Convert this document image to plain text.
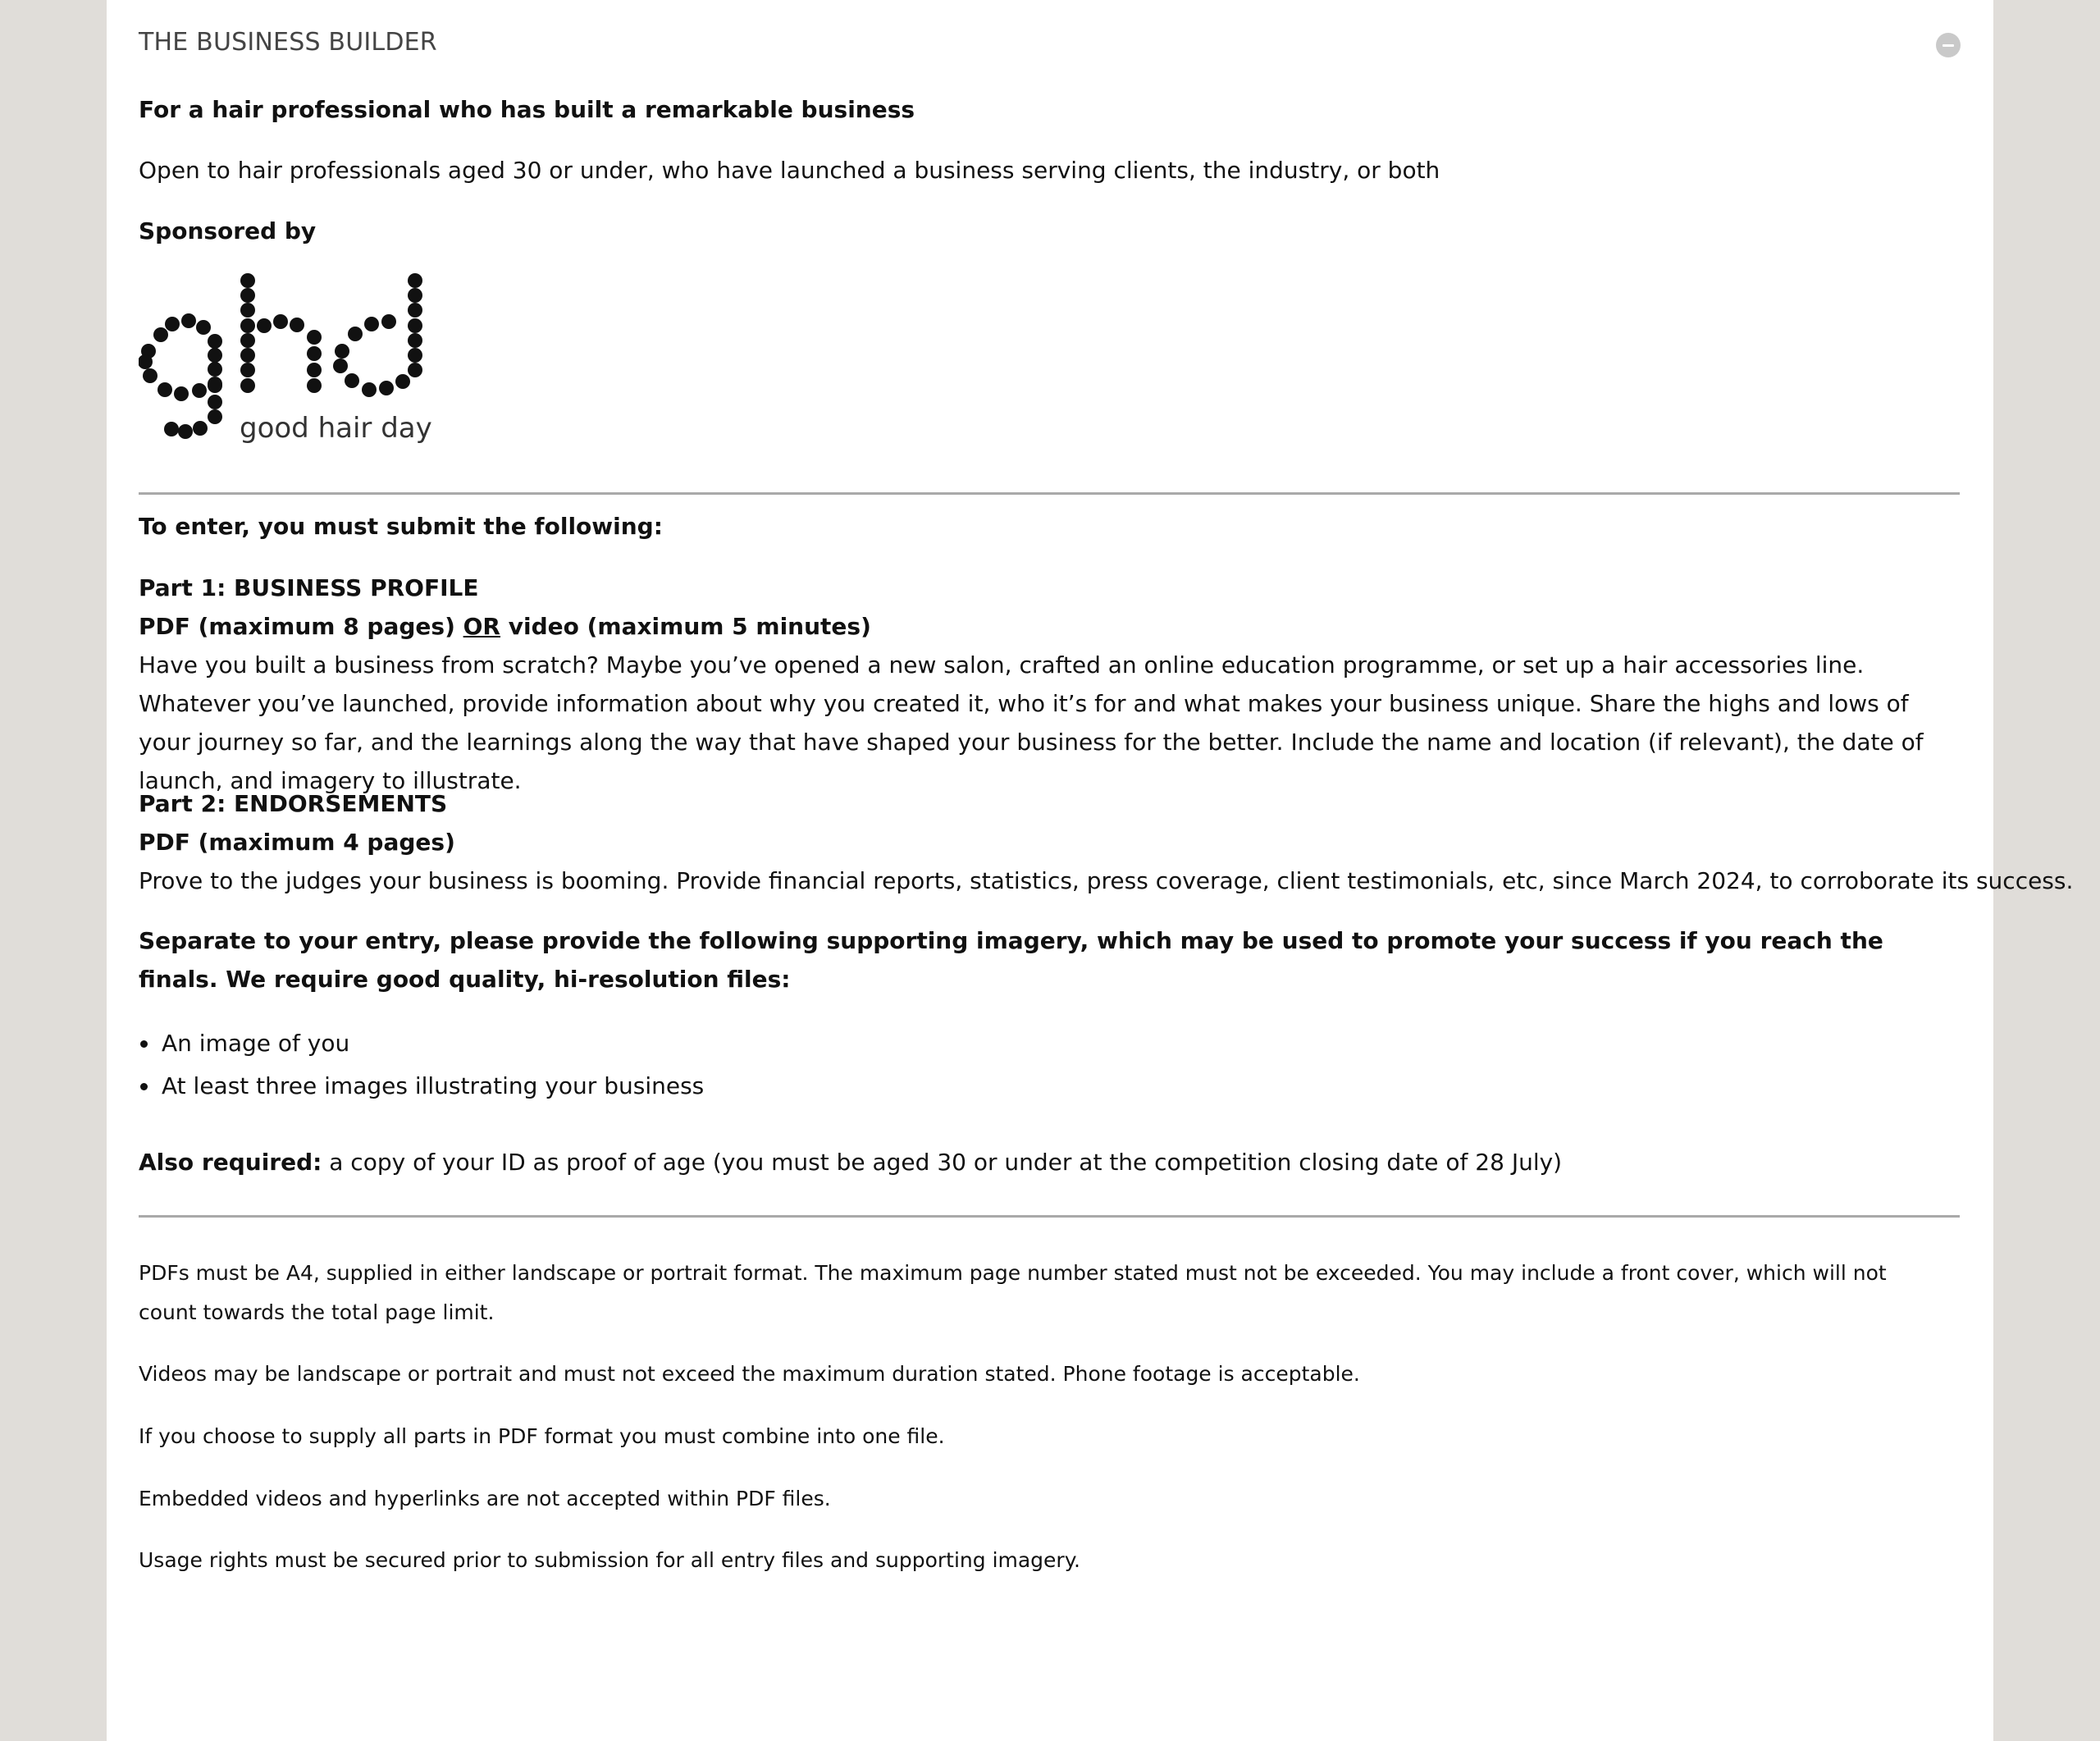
THE BUSINESS BUILDER
For a hair professional who has built a remarkable business
Open to hair professionals aged 30 or under, who have launched a business serving clients, the industry, or both
Sponsored by
good hair day
To enter, you must submit the following:
Part 1: BUSINESS PROFILE
PDF (maximum 8 pages) OR video (maximum 5 minutes)
Have you built a business from scratch? Maybe you’ve opened a new salon, crafted an online education programme, or set up a hair accessories line. Whatever you’ve launched, provide information about why you created it, who it’s for and what makes your business unique. Share the highs and lows of your journey so far, and the learnings along the way that have shaped your business for the better. Include the name and location (if relevant), the date of launch, and imagery to illustrate.
Part 2: ENDORSEMENTS
PDF (maximum 4 pages)
Prove to the judges your business is booming. Provide financial reports, statistics, press coverage, client testimonials, etc, since March 2024, to corroborate its success.
Separate to your entry, please provide the following supporting imagery, which may be used to promote your success if you reach the finals. We require good quality, hi-resolution files:
An image of you
At least three images illustrating your business
Also required: a copy of your ID as proof of age (you must be aged 30 or under at the competition closing date of 28 July)
PDFs must be A4, supplied in either landscape or portrait format. The maximum page number stated must not be exceeded. You may include a front cover, which will not count towards the total page limit.
Videos may be landscape or portrait and must not exceed the maximum duration stated. Phone footage is acceptable.
If you choose to supply all parts in PDF format you must combine into one file.
Embedded videos and hyperlinks are not accepted within PDF files.
Usage rights must be secured prior to submission for all entry files and supporting imagery.
